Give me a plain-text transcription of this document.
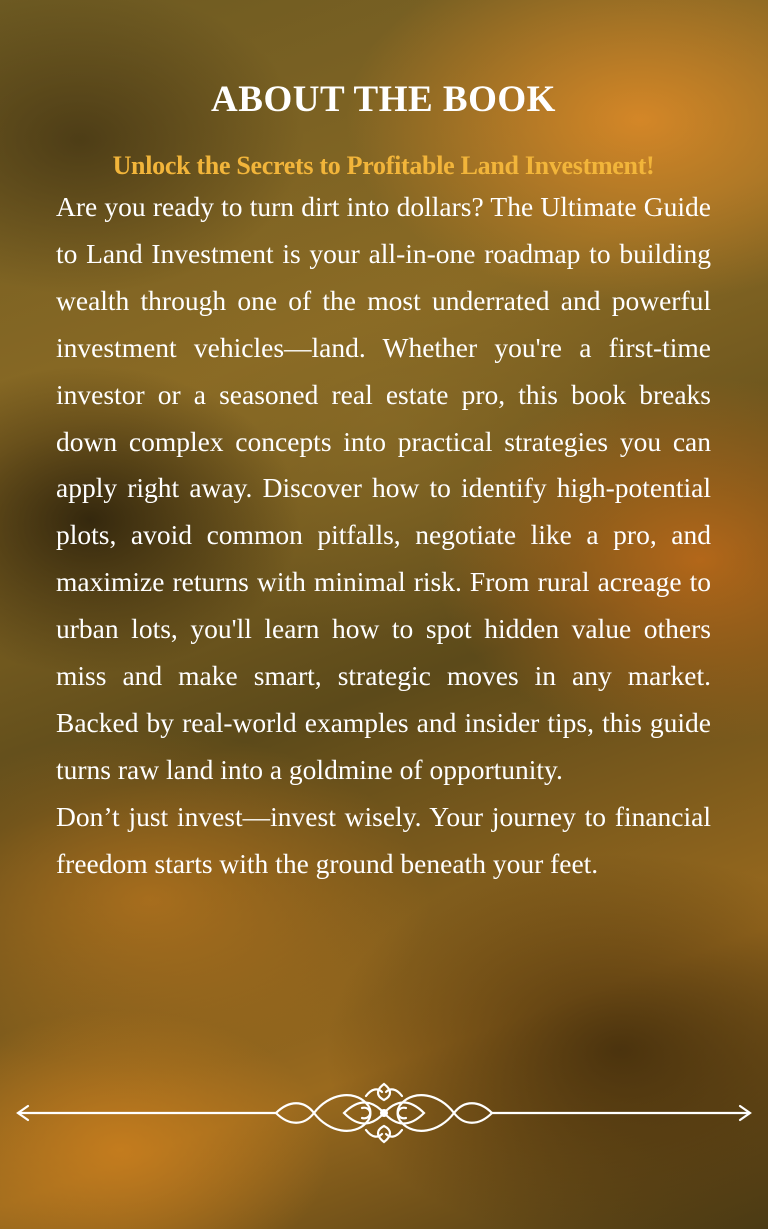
ABOUT THE BOOK
Unlock the Secrets to Profitable Land Investment!

Are you ready to turn dirt into dollars? The Ultimate Guide to Land Investment is your all-in-one roadmap to building wealth through one of the most underrated and powerful investment vehicles—land. Whether you're a first-time investor or a seasoned real estate pro, this book breaks down complex concepts into practical strategies you can apply right away. Discover how to identify high-potential plots, avoid common pitfalls, negotiate like a pro, and maximize returns with minimal risk. From rural acreage to urban lots, you'll learn how to spot hidden value others miss and make smart, strategic moves in any market. Backed by real-world examples and insider tips, this guide turns raw land into a goldmine of opportunity.

Don’t just invest—invest wisely. Your journey to financial freedom starts with the ground beneath your feet.
